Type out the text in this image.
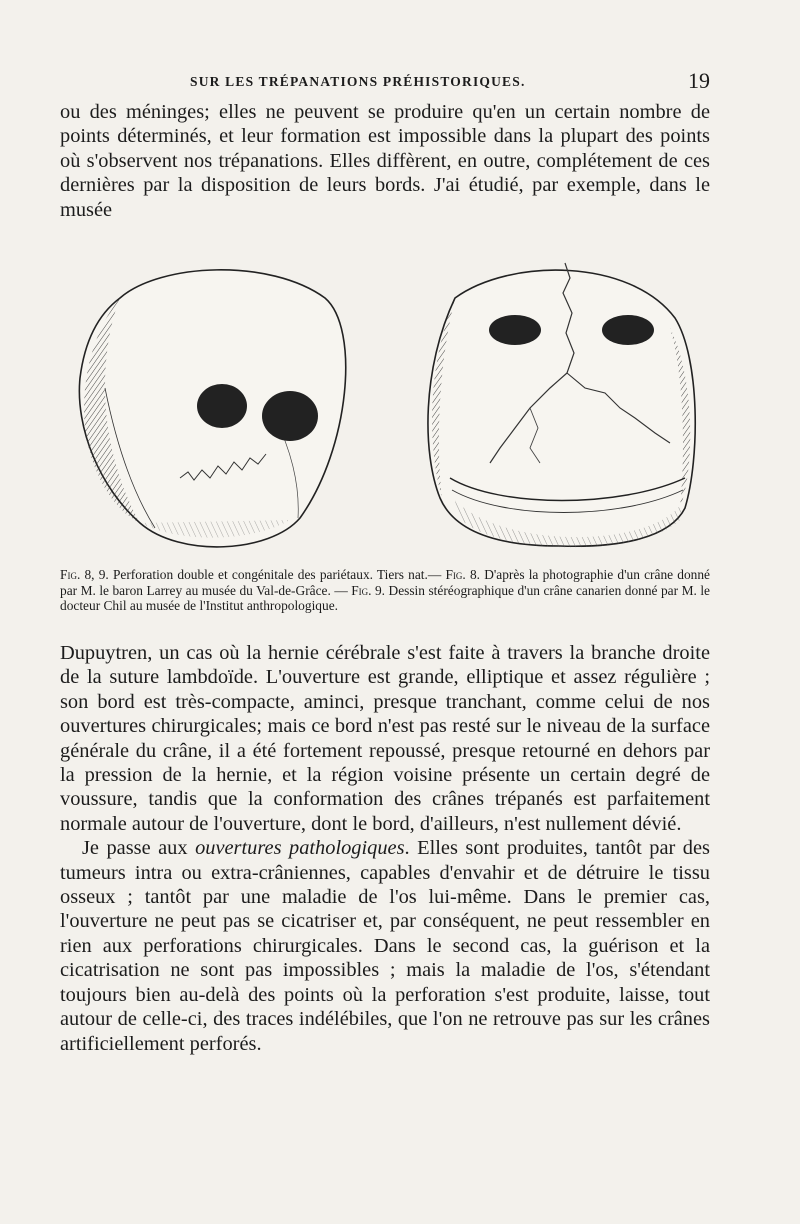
SUR LES TRÉPANATIONS PRÉHISTORIQUES.	19

ou des méninges; elles ne peuvent se produire qu'en un certain nombre de points déterminés, et leur formation est impossible dans la plupart des points où s'observent nos trépanations. Elles diffèrent, en outre, complétement de ces dernières par la disposition de leurs bords. J'ai étudié, par exemple, dans le musée

Fig. 8, 9. Perforation double et congénitale des pariétaux. Tiers nat.— Fig. 8. D'après la photographie d'un crâne donné par M. le baron Larrey au musée du Val-de-Grâce. — Fig. 9. Dessin stéréographique d'un crâne canarien donné par M. le docteur Chil au musée de l'Institut anthropologique.

Dupuytren, un cas où la hernie cérébrale s'est faite à travers la branche droite de la suture lambdoïde. L'ouverture est grande, elliptique et assez régulière ; son bord est très-compacte, aminci, presque tranchant, comme celui de nos ouvertures chirurgicales; mais ce bord n'est pas resté sur le niveau de la surface générale du crâne, il a été fortement repoussé, presque retourné en dehors par la pression de la hernie, et la région voisine présente un certain degré de voussure, tandis que la conformation des crânes trépanés est parfaitement normale autour de l'ouverture, dont le bord, d'ailleurs, n'est nullement dévié.

Je passe aux ouvertures pathologiques. Elles sont produites, tantôt par des tumeurs intra ou extra-crâniennes, capables d'envahir et de détruire le tissu osseux ; tantôt par une maladie de l'os lui-même. Dans le premier cas, l'ouverture ne peut pas se cicatriser et, par conséquent, ne peut ressembler en rien aux perforations chirurgicales. Dans le second cas, la guérison et la cicatrisation ne sont pas impossibles ; mais la maladie de l'os, s'étendant toujours bien au-delà des points où la perforation s'est produite, laisse, tout autour de celle-ci, des traces indélébiles, que l'on ne retrouve pas sur les crânes artificiellement perforés.
